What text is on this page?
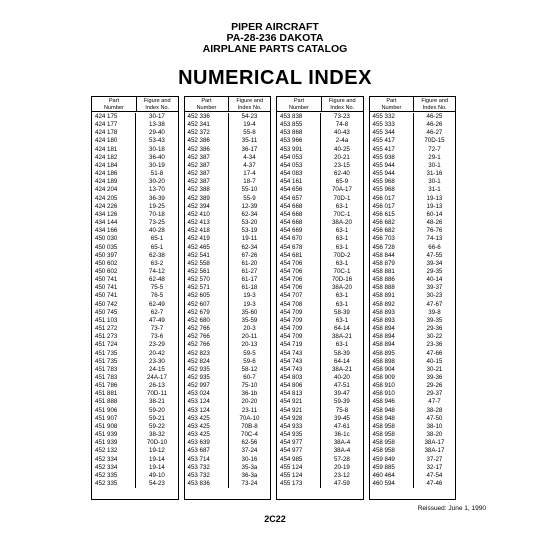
PIPER AIRCRAFT
PA-28-236 DAKOTA
AIRPLANE PARTS CATALOG
NUMERICAL INDEX
Part
Number
Figure and
Index No.
424 175	30-17
424 177	13-38
424 178	29-40
424 180	53-43
424 181	30-18
424 182	36-40
424 184	30-19
424 186	51-8
424 189	30-20
424 204	13-70
424 205	36-39
424 226	19-25
434 126	70-18
434 144	73-25
434 166	40-28
450 030	65-1
450 035	65-1
450 397	62-38
450 602	63-2
450 602	74-12
450 741	62-48
450 741	75-5
450 741	76-5
450 742	62-49
450 745	62-7
451 103	47-49
451 272	73-7
451 273	73-6
451 724	23-29
451 735	20-42
451 735	23-30
451 783	24-15
451 783	24A-17
451 786	26-13
451 881	70D-11
451 888	38-21
451 906	59-20
451 907	59-21
451 908	59-22
451 939	38-32
451 939	70D-10
452 132	19-12
452 334	19-14
452 334	19-14
452 335	49-10
452 335	54-23
Part
Number
Figure and
Index No.
452 336	54-23
452 341	19-4
452 372	55-8
452 386	35-11
452 386	36-17
452 387	4-34
452 387	4-37
452 387	17-4
452 387	18-7
452 388	55-10
452 389	55-9
452 394	12-39
452 410	62-34
452 413	53-20
452 418	53-19
452 419	19-11
452 465	62-34
452 541	67-26
452 558	61-20
452 561	61-27
452 570	61-17
452 571	61-18
452 605	19-3
452 607	19-3
452 679	35-60
452 680	35-59
452 766	20-3
452 766	20-11
452 766	20-13
452 823	59-5
452 824	59-6
452 935	58-12
452 935	60-7
452 997	75-10
453 024	36-1b
453 124	20-20
453 124	23-11
453 425	70A-10
453 425	70B-8
453 425	70C-4
453 639	62-56
453 687	37-24
453 714	30-16
453 732	35-3a
453 732	36-3a
453 836	73-24
Part
Number
Figure and
Index No.
453 838	73-23
453 855	74-8
453 868	40-43
453 966	2-4a
453 991	40-25
454 053	20-21
454 053	23-15
454 083	62-40
454 161	65-9
454 656	70A-17
454 657	70D-1
454 668	63-1
454 668	70C-1
454 668	38A-20
454 669	63-1
454 670	63-1
454 678	63-1
454 681	70D-2
454 706	63-1
454 706	70C-1
454 706	70D-16
454 706	38A-20
454 707	63-1
454 708	63-1
454 709	58-39
454 709	63-1
454 709	64-14
454 709	38A-21
454 719	63-1
454 743	58-39
454 743	64-14
454 743	38A-21
454 803	40-20
454 806	47-51
454 813	39-47
454 921	59-39
454 921	75-8
454 928	39-45
454 933	47-61
454 935	36-1c
454 977	38A-4
454 977	38A-4
454 985	57-28
455 124	20-19
455 124	23-12
455 173	47-59
Part
Number
Figure and
Index No.
455 332	46-25
455 333	46-26
455 344	46-27
455 417	70D-15
455 417	72-7
455 938	29-1
455 944	30-1
455 944	31-16
455 968	30-1
455 968	31-1
456 017	19-13
456 017	19-13
456 615	60-14
456 682	48-26
456 682	76-76
456 703	74-13
456 728	66-6
458 844	47-55
458 879	39-34
458 881	29-35
458 886	40-14
458 888	39-37
458 891	30-23
458 892	47-67
458 893	39-8
458 893	39-35
458 894	29-36
458 894	30-22
458 894	23-36
458 895	47-66
458 898	40-15
458 904	30-21
458 909	39-36
458 910	29-26
458 910	29-37
458 946	47-7
458 948	38-28
458 948	47-50
458 958	38-10
458 958	38-20
458 958	38A-17
458 958	38A-17
459 849	37-27
459 885	32-17
460 464	47-54
460 594	47-46
Reissued: June 1, 1990
2C22
